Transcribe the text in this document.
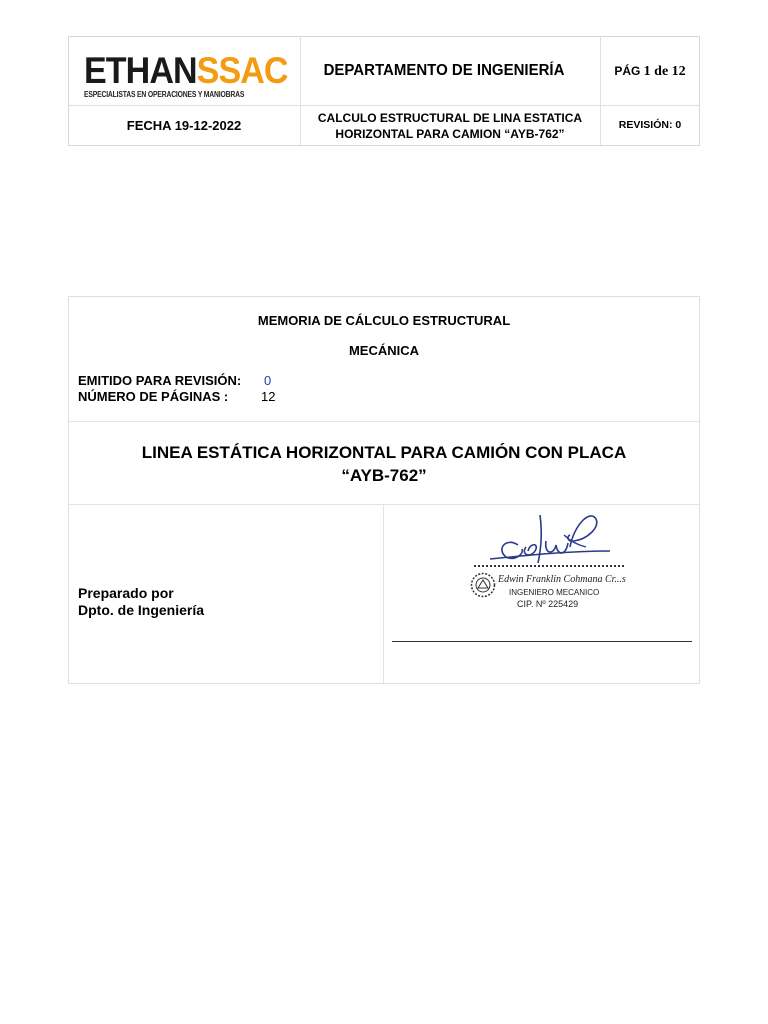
ETHANSSAC
ESPECIALISTAS EN OPERACIONES Y MANIOBRAS
DEPARTAMENTO DE INGENIERÍA	PÁG 1 de 12
FECHA 19-12-2022	CALCULO ESTRUCTURAL DE LINA ESTATICA
HORIZONTAL PARA CAMION “AYB-762”
REVISIÓN: 0
MEMORIA DE CÁLCULO ESTRUCTURAL
MECÁNICA
EMITIDO PARA REVISIÓN:
NÚMERO DE PÁGINAS :
0
12
LINEA ESTÁTICA HORIZONTAL PARA CAMIÓN CON PLACA
“AYB-762”
Preparado por
Dpto. de Ingeniería
Edwin Franklin Cohmana Cr...s
INGENIERO MECANICO
CIP. Nº 225429
